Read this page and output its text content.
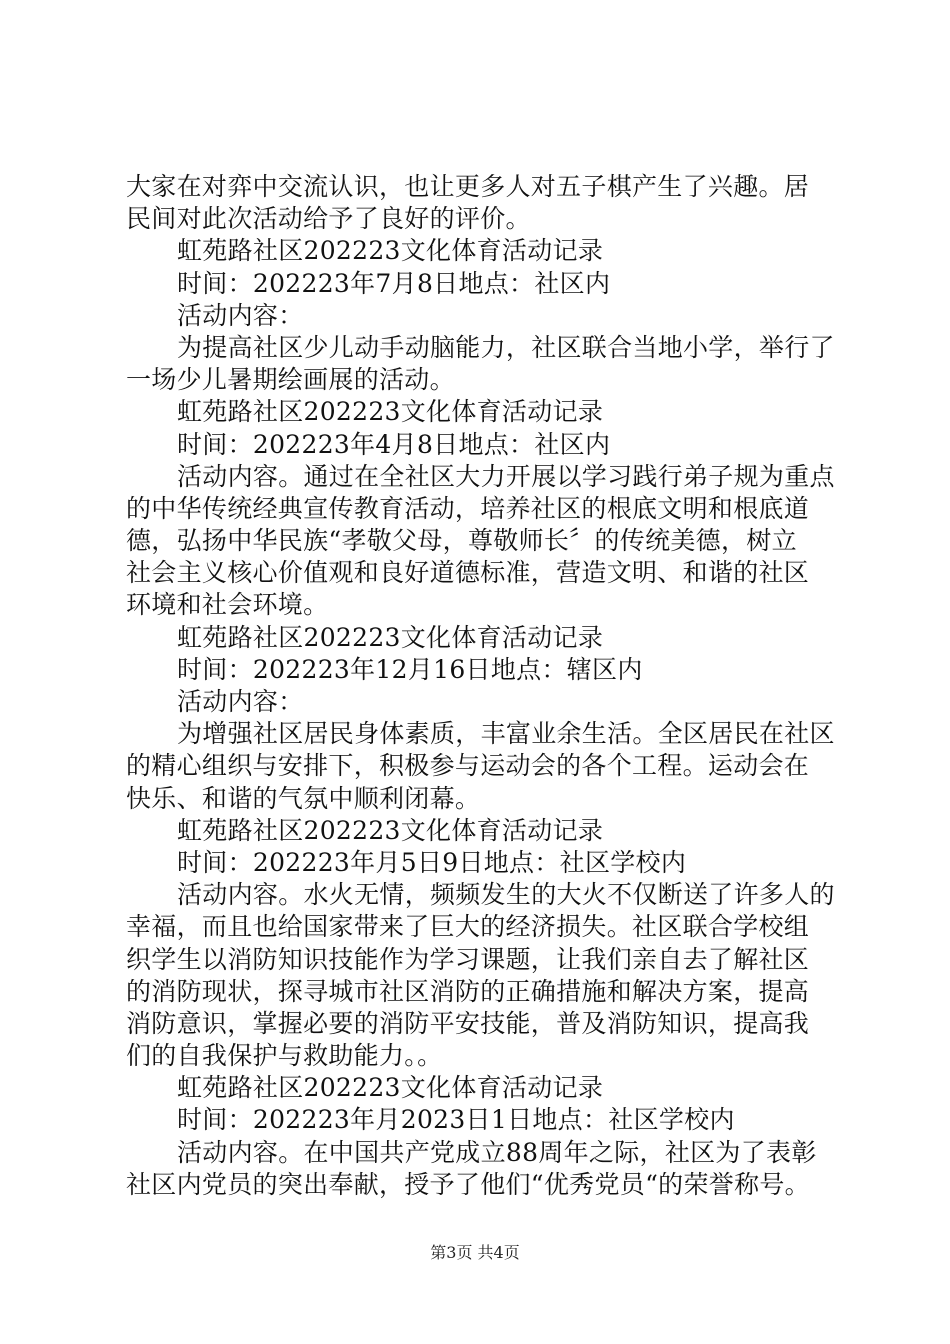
大家在对弈中交流认识，也让更多人对五子棋产生了兴趣。居
民间对此次活动给予了良好的评价。
虹苑路社区202223文化体育活动记录
时间：202223年7月8日地点：社区内
活动内容：
为提高社区少儿动手动脑能力，社区联合当地小学，举行了
一场少儿暑期绘画展的活动。
虹苑路社区202223文化体育活动记录
时间：202223年4月8日地点：社区内
活动内容。通过在全社区大力开展以学习践行弟子规为重点
的中华传统经典宣传教育活动，培养社区的根底文明和根底道
德，弘扬中华民族“孝敬父母，尊敬师长〞的传统美德，树立
社会主义核心价值观和良好道德标准，营造文明、和谐的社区
环境和社会环境。
虹苑路社区202223文化体育活动记录
时间：202223年12月16日地点：辖区内
活动内容：
为增强社区居民身体素质，丰富业余生活。全区居民在社区
的精心组织与安排下，积极参与运动会的各个工程。运动会在
快乐、和谐的气氛中顺利闭幕。
虹苑路社区202223文化体育活动记录
时间：202223年月5日9日地点：社区学校内
活动内容。水火无情，频频发生的大火不仅断送了许多人的
幸福，而且也给国家带来了巨大的经济损失。社区联合学校组
织学生以消防知识技能作为学习课题，让我们亲自去了解社区
的消防现状，探寻城市社区消防的正确措施和解决方案，提高
消防意识，掌握必要的消防平安技能，普及消防知识，提高我
们的自我保护与救助能力。。
虹苑路社区202223文化体育活动记录
时间：202223年月2023日1日地点：社区学校内
活动内容。在中国共产党成立88周年之际，社区为了表彰
社区内党员的突出奉献，授予了他们“优秀党员“的荣誉称号。
第3页 共4页
